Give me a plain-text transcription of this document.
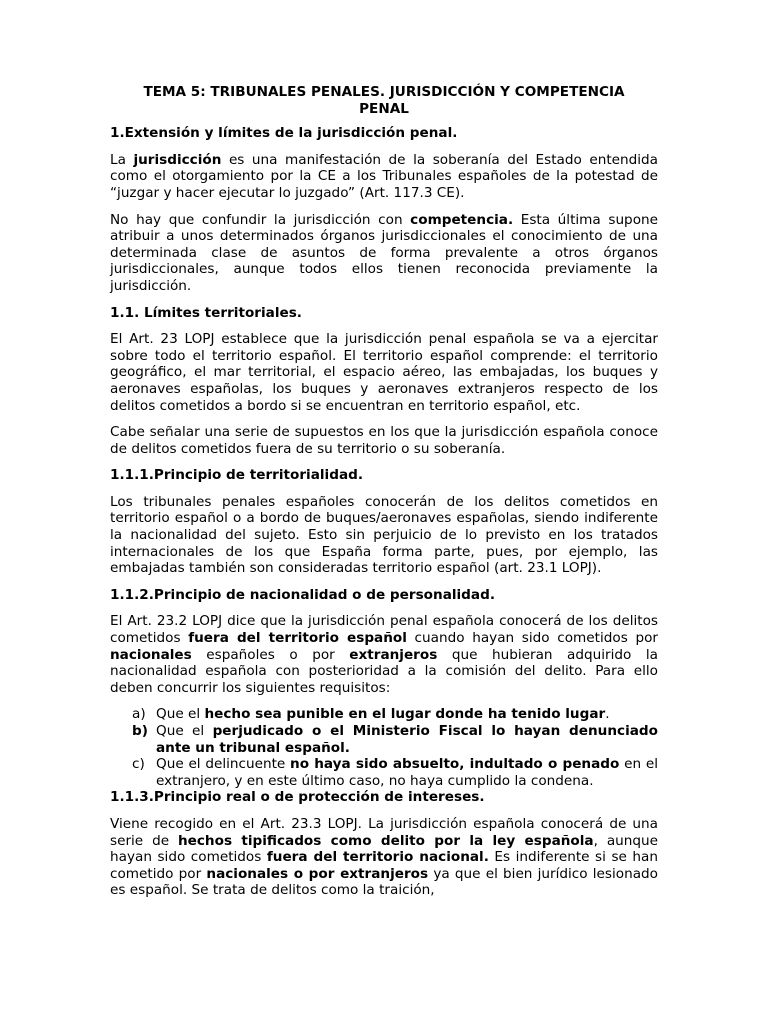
TEMA 5: TRIBUNALES PENALES. JURISDICCIÓN Y COMPETENCIA PENAL
1.Extensión y límites de la jurisdicción penal.

La jurisdicción es una manifestación de la soberanía del Estado entendida como el otorgamiento por la CE a los Tribunales españoles de la potestad de “juzgar y hacer ejecutar lo juzgado” (Art. 117.3 CE).

No hay que confundir la jurisdicción con competencia. Esta última supone atribuir a unos determinados órganos jurisdiccionales el conocimiento de una determinada clase de asuntos de forma prevalente a otros órganos jurisdiccionales, aunque todos ellos tienen reconocida previamente la jurisdicción.

1.1. Límites territoriales.

El Art. 23 LOPJ establece que la jurisdicción penal española se va a ejercitar sobre todo el territorio español. El territorio español comprende: el territorio geográfico, el mar territorial, el espacio aéreo, las embajadas, los buques y aeronaves españolas, los buques y aeronaves extranjeros respecto de los delitos cometidos a bordo si se encuentran en territorio español, etc.

Cabe señalar una serie de supuestos en los que la jurisdicción española conoce de delitos cometidos fuera de su territorio o su soberanía.

1.1.1.Principio de territorialidad.

Los tribunales penales españoles conocerán de los delitos cometidos en territorio español o a bordo de buques/aeronaves españolas, siendo indiferente la nacionalidad del sujeto. Esto sin perjuicio de lo previsto en los tratados internacionales de los que España forma parte, pues, por ejemplo, las embajadas también son consideradas territorio español (art. 23.1 LOPJ).

1.1.2.Principio de nacionalidad o de personalidad.

El Art. 23.2 LOPJ dice que la jurisdicción penal española conocerá de los delitos cometidos fuera del territorio español cuando hayan sido cometidos por nacionales españoles o por extranjeros que hubieran adquirido la nacionalidad española con posterioridad a la comisión del delito. Para ello deben concurrir los siguientes requisitos:

a) Que el hecho sea punible en el lugar donde ha tenido lugar.
b) Que el perjudicado o el Ministerio Fiscal lo hayan denunciado ante un tribunal español.
c) Que el delincuente no haya sido absuelto, indultado o penado en el extranjero, y en este último caso, no haya cumplido la condena.
1.1.3.Principio real o de protección de intereses.

Viene recogido en el Art. 23.3 LOPJ. La jurisdicción española conocerá de una serie de hechos tipificados como delito por la ley española, aunque hayan sido cometidos fuera del territorio nacional. Es indiferente si se han cometido por nacionales o por extranjeros ya que el bien jurídico lesionado es español. Se trata de delitos como la traición,
